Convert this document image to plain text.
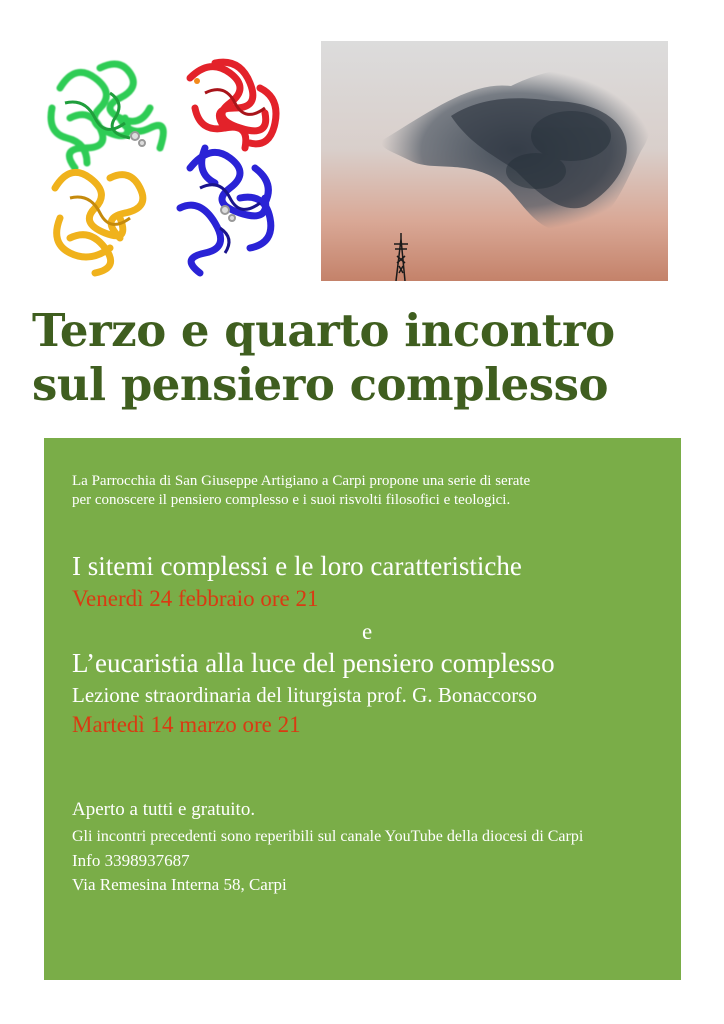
Terzo e quarto incontro
sul pensiero complesso
La Parrocchia di San Giuseppe Artigiano a Carpi propone una serie di serate
per conoscere il pensiero complesso e i suoi risvolti filosofici e teologici.
I sitemi complessi e le loro caratteristiche
Venerdì 24 febbraio ore 21
e
L’eucaristia alla luce del pensiero complesso
Lezione straordinaria del liturgista prof. G. Bonaccorso
Martedì 14 marzo ore 21
Aperto a tutti e gratuito.
Gli incontri precedenti sono reperibili sul canale YouTube della diocesi di Carpi
Info 3398937687
Via Remesina Interna 58, Carpi
